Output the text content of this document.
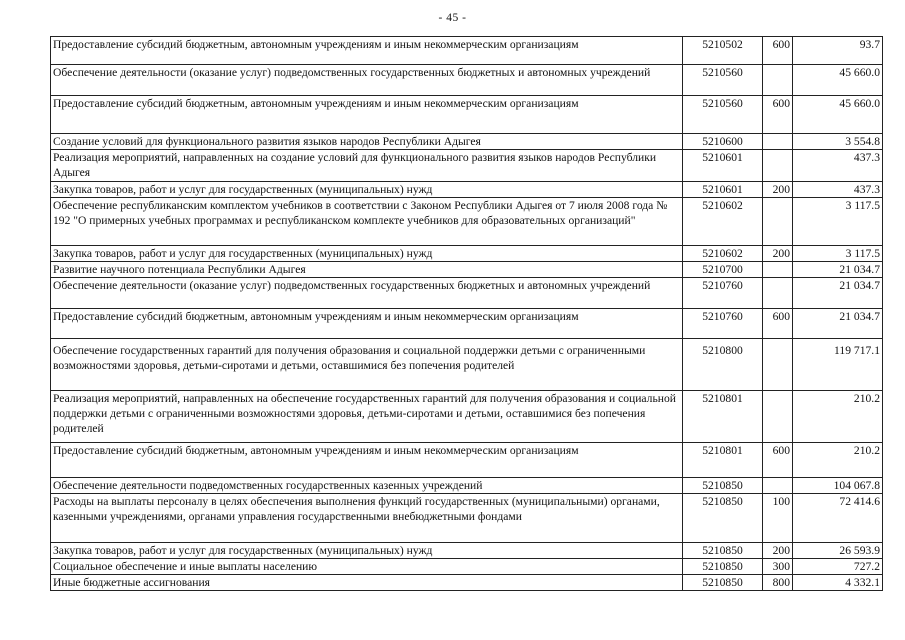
- 45 -
Предоставление субсидий бюджетным, автономным учреждениям и иным некоммерческим организациям	5210502	600	93.7
Обеспечение деятельности (оказание услуг) подведомственных государственных бюджетных и автономных учреждений	5210560		45 660.0
Предоставление субсидий бюджетным, автономным учреждениям и иным некоммерческим организациям	5210560	600	45 660.0
Создание условий для функционального развития языков народов Республики Адыгея	5210600		3 554.8
Реализация мероприятий, направленных на создание условий для функционального развития языков народов Республики Адыгея	5210601		437.3
Закупка товаров, работ и услуг для государственных (муниципальных) нужд	5210601	200	437.3
Обеспечение республиканским комплектом учебников в соответствии с Законом Республики Адыгея от 7 июля 2008 года № 192 "О примерных учебных программах и республиканском комплекте учебников для образовательных организаций"	5210602		3 117.5
Закупка товаров, работ и услуг для государственных (муниципальных) нужд	5210602	200	3 117.5
Развитие научного потенциала Республики Адыгея	5210700		21 034.7
Обеспечение деятельности (оказание услуг) подведомственных государственных бюджетных и автономных учреждений	5210760		21 034.7
Предоставление субсидий бюджетным, автономным учреждениям и иным некоммерческим организациям	5210760	600	21 034.7
Обеспечение государственных гарантий для получения образования и социальной поддержки детьми с ограниченными возможностями здоровья, детьми-сиротами и детьми, оставшимися без попечения родителей	5210800		119 717.1
Реализация мероприятий, направленных на обеспечение государственных гарантий для получения образования и социальной поддержки детьми с ограниченными возможностями здоровья, детьми-сиротами и детьми, оставшимися без попечения родителей	5210801		210.2
Предоставление субсидий бюджетным, автономным учреждениям и иным некоммерческим организациям	5210801	600	210.2
Обеспечение деятельности подведомственных государственных казенных учреждений	5210850		104 067.8
Расходы на выплаты персоналу в целях обеспечения выполнения функций государственных (муниципальными) органами, казенными учреждениями, органами управления государственными внебюджетными фондами	5210850	100	72 414.6
Закупка товаров, работ и услуг для государственных (муниципальных) нужд	5210850	200	26 593.9
Социальное обеспечение и иные выплаты населению	5210850	300	727.2
Иные бюджетные ассигнования	5210850	800	4 332.1
